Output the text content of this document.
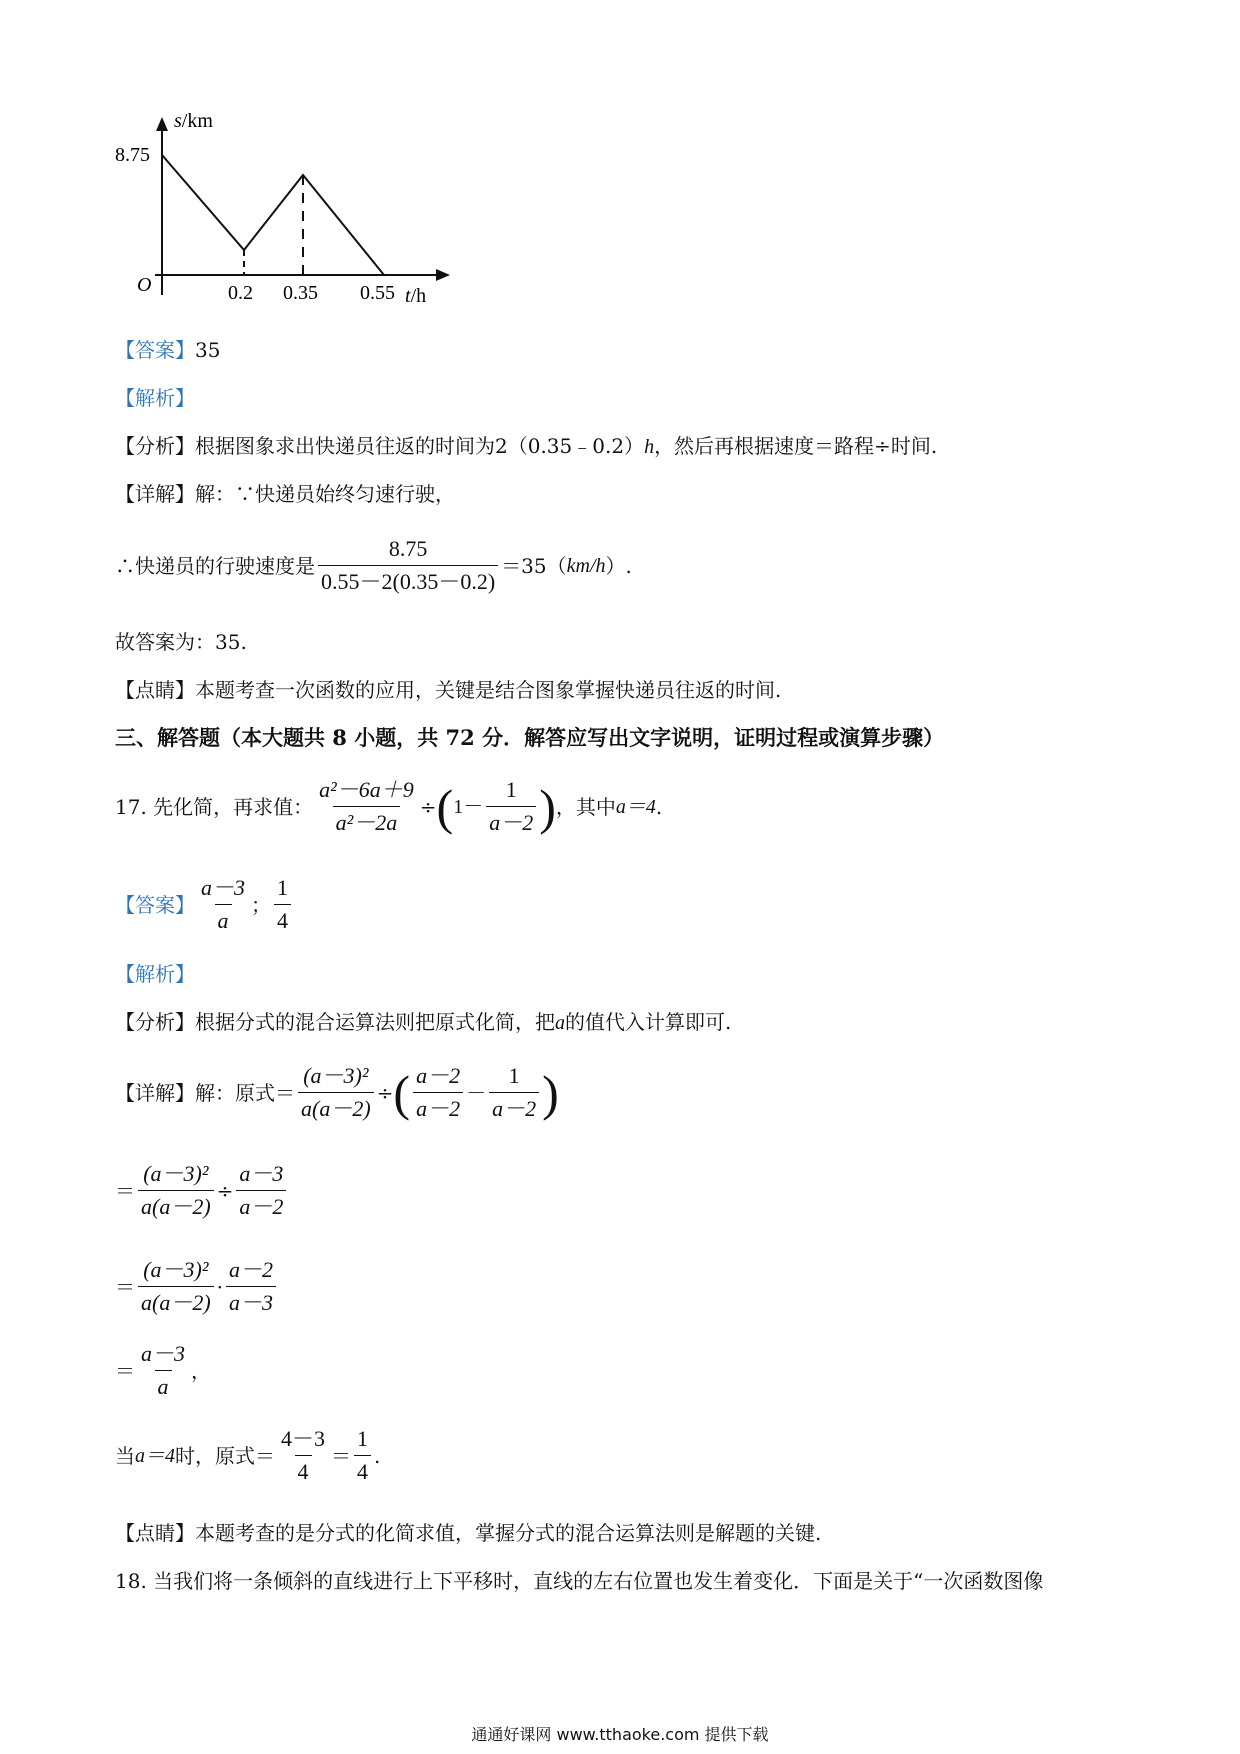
s/km
8.75
O	0.2 0.35 0.55 t/h
【答案】35
【解析】
【分析】根据图象求出快递员往返的时间为2（0.35﹣0.2）h，然后再根据速度＝路程÷时间.
【详解】解：∵快递员始终匀速行驶，
∴快递员的行驶速度是 $\frac{8.75}{0.55-2(0.35-0.2)} =35$（ km/h ）.
故答案为：35.
【点睛】本题考查一次函数的应用，关键是结合图象掌握快递员往返的时间.
三、解答题（本大题共 8 小题，共 72 分．解答应写出文字说明，证明过程或演算步骤）
17.
先化简，再求值： $\frac{\text{a²－6a＋9}}{\text{a²－2a}}$ ÷ ( $1- \frac{1}{a-2}$ ) ，其中 a＝4 .
【答案】 $\frac{a-3}{a}$ ； $\frac{1}{4}$
【解析】
【分析】根据分式的混合运算法则把原式化简，把a的值代入计算即可.
【详解】 解：原式＝ $\frac{\text{(a－3)²}}{a(a-2)}$ ÷ ( $\frac{a-2}{a-2} - \frac{1}{a-2}$ )
＝ $\frac{\text{(a－3)²}}{a(a-2)} \div \frac{a-3}{a-2}$
＝ $\frac{\text{(a－3)²}}{a(a-2)} \cdot \frac{a-2}{a-3}$
＝ $\frac{a-3}{a}$ ，
当 a＝4 时，原式＝ $\frac{4-3}{4} = \frac{1}{4}$ .
【点睛】本题考查的是分式的化简求值，掌握分式的混合运算法则是解题的关键.
18. 当我们将一条倾斜的直线进行上下平移时，直线的左右位置也发生着变化．下面是关于“一次函数图像
通通好课网 www.tthaoke.com 提供下载
